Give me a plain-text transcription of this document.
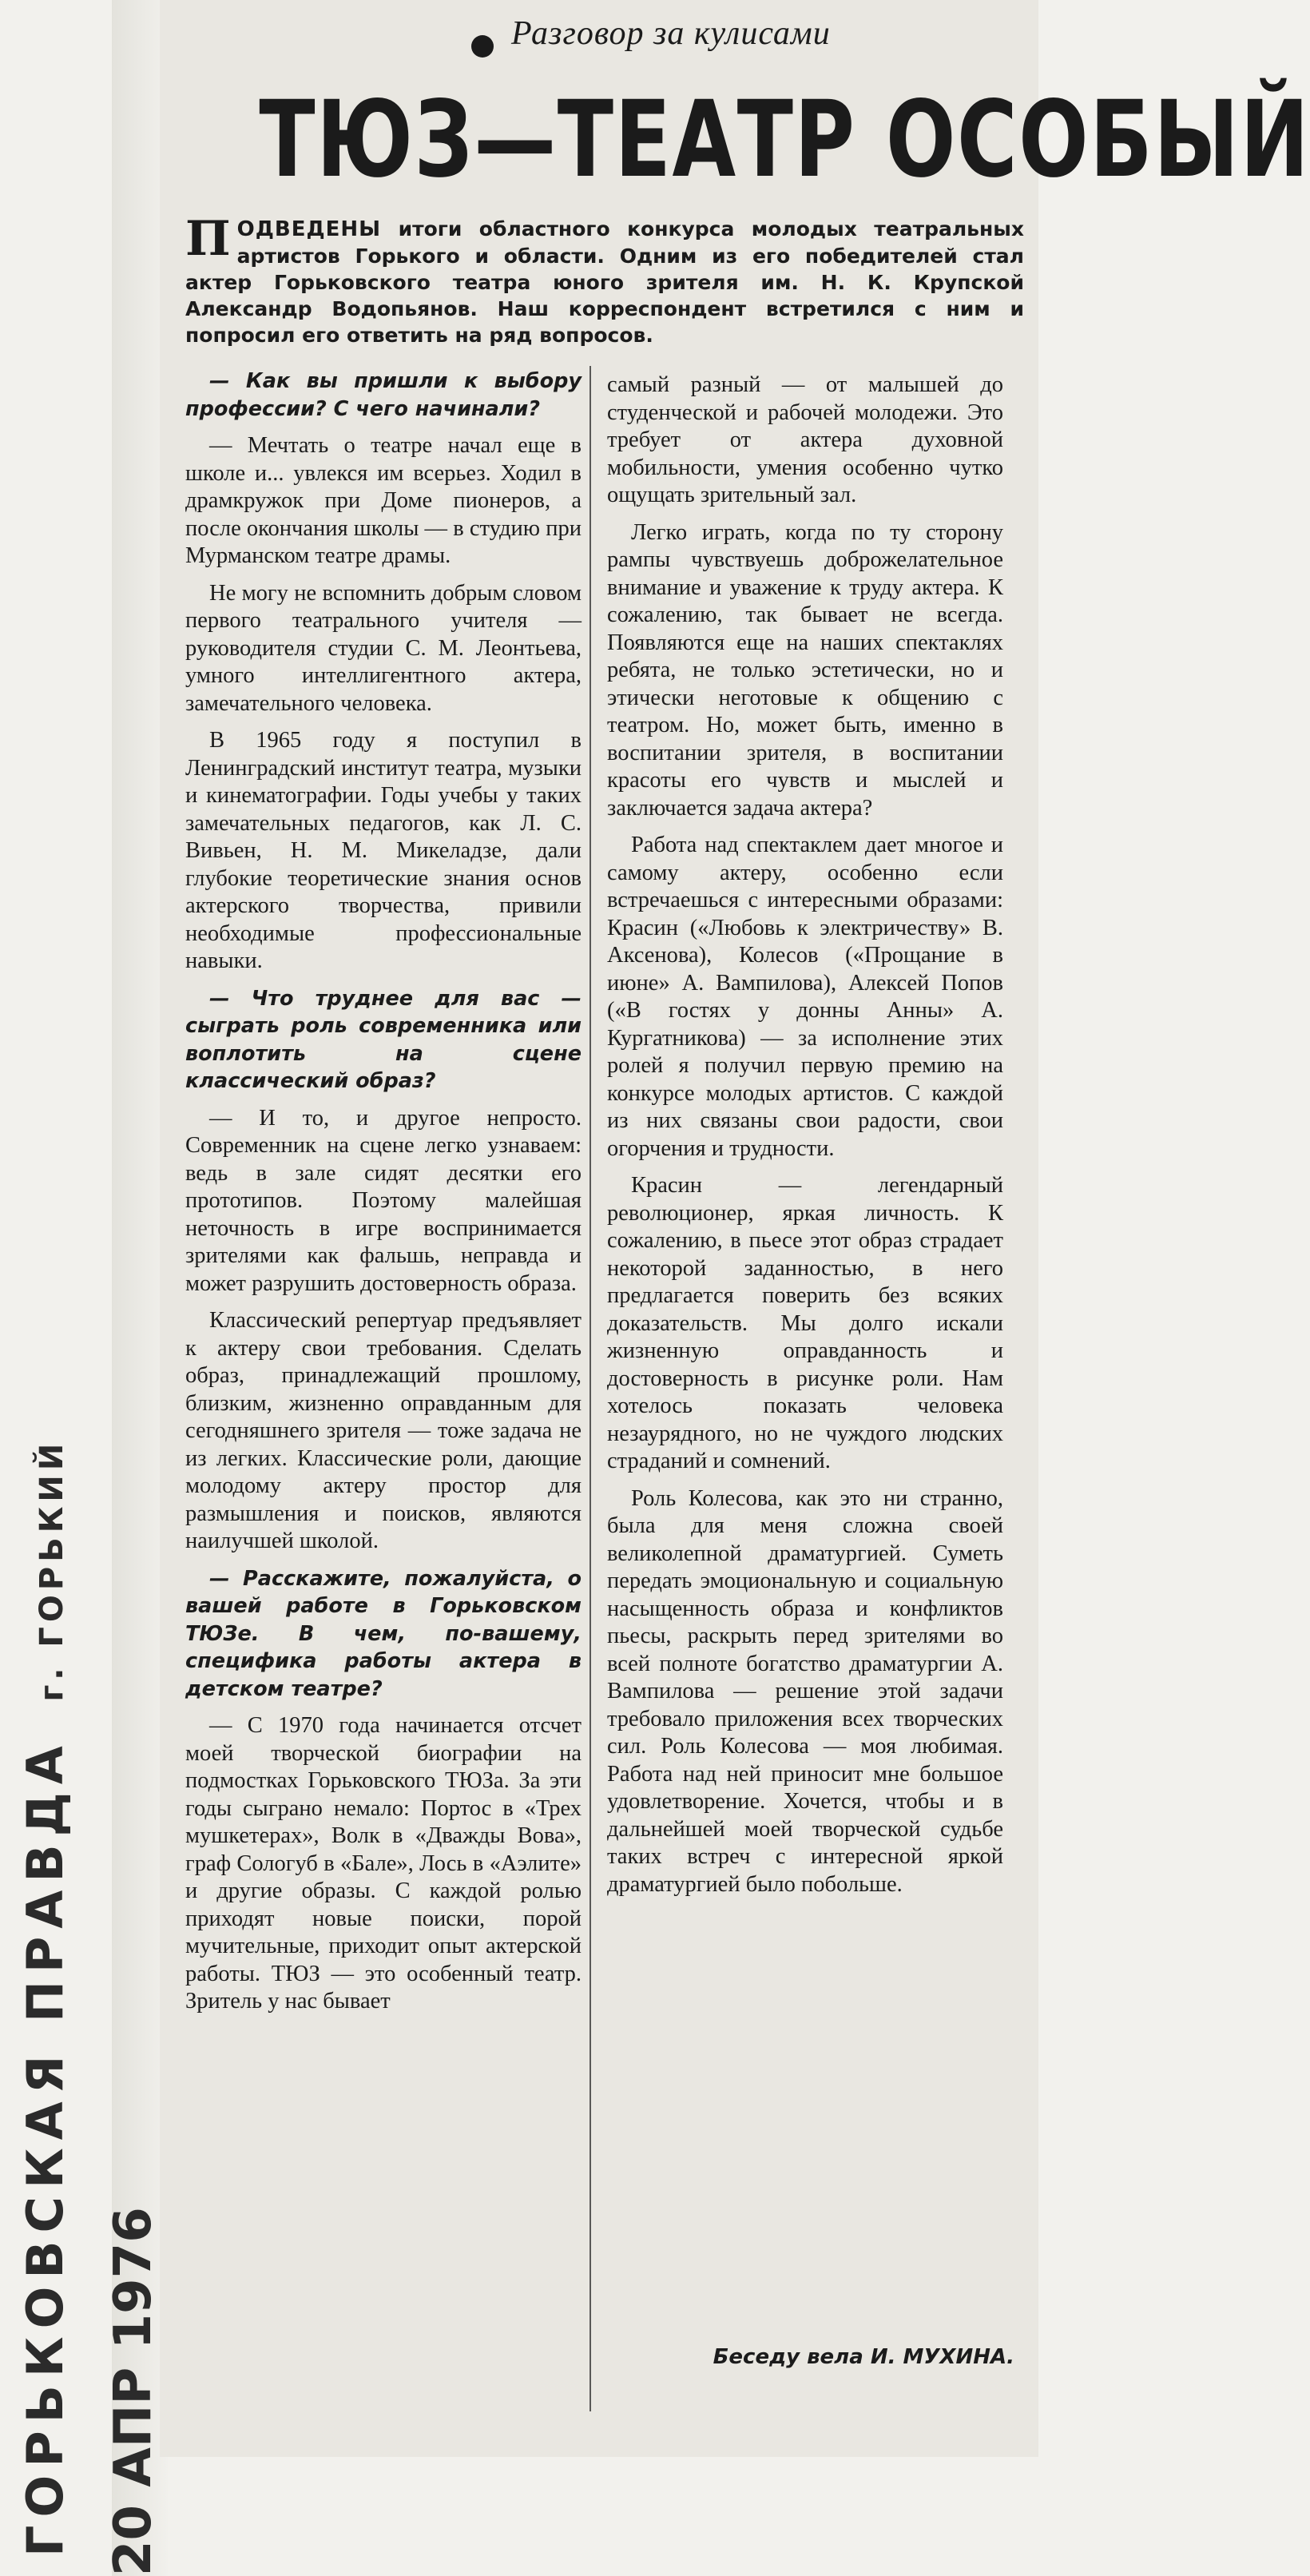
Разговор за кулисами
ТЮЗ—ТЕАТР ОСОБЫЙ
ПОДВЕДЕНЫ итоги областного конкурса молодых театральных артистов Горького и области. Одним из его победителей стал актер Горьковского театра юного зрителя им. Н. К. Крупской Александр Водопьянов. Наш корреспондент встретился с ним и попросил его ответить на ряд вопросов.

— Как вы пришли к выбору профессии? С чего начинали?

— Мечтать о театре начал еще в школе и... увлекся им всерьез. Ходил в драмкружок при Доме пионеров, а после окончания школы — в студию при Мурманском театре драмы.

Не могу не вспомнить добрым словом первого театрального учителя — руководителя студии С. М. Леонтьева, умного интеллигентного актера, замечательного человека.

В 1965 году я поступил в Ленинградский институт театра, музыки и кинематографии. Годы учебы у таких замечательных педагогов, как Л. С. Вивьен, Н. М. Микеладзе, дали глубокие теоретические знания основ актерского творчества, привили необходимые профессиональные навыки.

— Что труднее для вас — сыграть роль современника или воплотить на сцене классический образ?

— И то, и другое непросто. Современник на сцене легко узнаваем: ведь в зале сидят десятки его прототипов. Поэтому малейшая неточность в игре воспринимается зрителями как фальшь, неправда и может разрушить достоверность образа.

Классический репертуар предъявляет к актеру свои требования. Сделать образ, принадлежащий прошлому, близким, жизненно оправданным для сегодняшнего зрителя — тоже задача не из легких. Классические роли, дающие молодому актеру простор для размышления и поисков, являются наилучшей школой.

— Расскажите, пожалуйста, о вашей работе в Горьковском ТЮЗе. В чем, по-вашему, специфика работы актера в детском театре?

— С 1970 года начинается отсчет моей творческой биографии на подмостках Горьковского ТЮЗа. За эти годы сыграно немало: Портос в «Трех мушкетерах», Волк в «Дважды Вова», граф Сологуб в «Бале», Лось в «Аэлите» и другие образы. С каждой ролью приходят новые поиски, порой мучительные, приходит опыт актерской работы. ТЮЗ — это особенный театр. Зритель у нас бывает

самый разный — от малышей до студенческой и рабочей молодежи. Это требует от актера духовной мобильности, умения особенно чутко ощущать зрительный зал.

Легко играть, когда по ту сторону рампы чувствуешь доброжелательное внимание и уважение к труду актера. К сожалению, так бывает не всегда. Появляются еще на наших спектаклях ребята, не только эстетически, но и этически неготовые к общению с театром. Но, может быть, именно в воспитании зрителя, в воспитании красоты его чувств и мыслей и заключается задача актера?

Работа над спектаклем дает многое и самому актеру, особенно если встречаешься с интересными образами: Красин («Любовь к электричеству» В. Аксенова), Колесов («Прощание в июне» А. Вампилова), Алексей Попов («В гостях у донны Анны» А. Кургатникова) — за исполнение этих ролей я получил первую премию на конкурсе молодых артистов. С каждой из них связаны свои радости, свои огорчения и трудности.

Красин — легендарный революционер, яркая личность. К сожалению, в пьесе этот образ страдает некоторой заданностью, в него предлагается поверить без всяких доказательств. Мы долго искали жизненную оправданность и достоверность в рисунке роли. Нам хотелось показать человека незаурядного, но не чуждого людских страданий и сомнений.

Роль Колесова, как это ни странно, была для меня сложна своей великолепной драматургией. Суметь передать эмоциональную и социальную насыщенность образа и конфликтов пьесы, раскрыть перед зрителями во всей полноте богатство драматургии А. Вампилова — решение этой задачи требовало приложения всех творческих сил. Роль Колесова — моя любимая. Работа над ней приносит мне большое удовлетворение. Хочется, чтобы и в дальнейшей моей творческой судьбе таких встреч с интересной яркой драматургией было побольше.

Беседу вела И. МУХИНА.
ГОРЬКОВСКАЯ ПРАВДА г. ГОРЬКИЙ
20 АПР 1976
